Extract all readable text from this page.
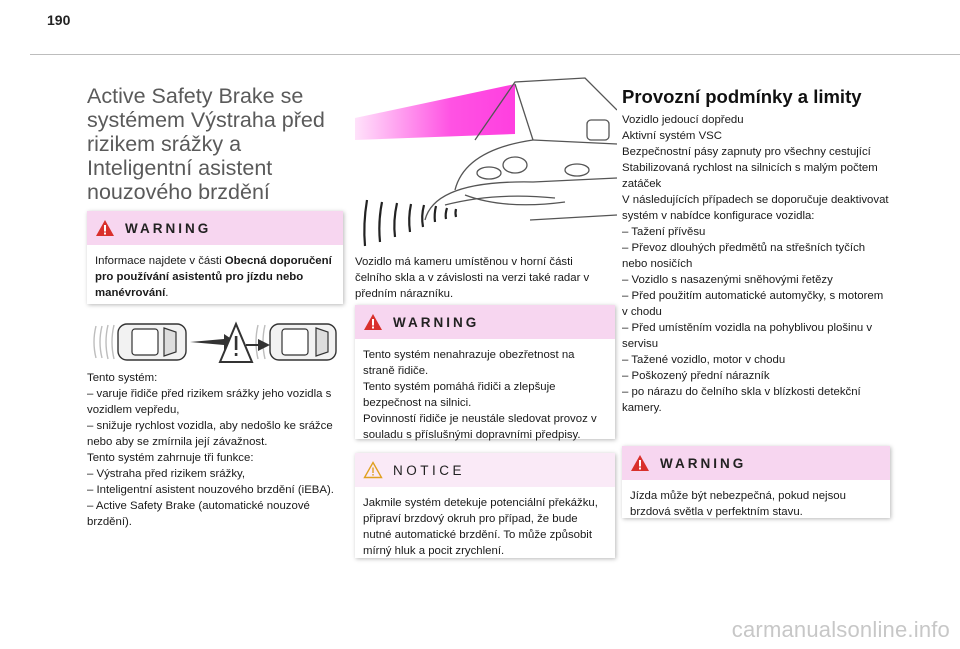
190
Active Safety Brake se systémem Výstraha před rizikem srážky a Inteligentní asistent nouzového brzdění
WARNING

Informace najdete v části Obecná doporučení pro používání asistentů pro jízdu nebo manévrování.

Tento systém:

– varuje řidiče před rizikem srážky jeho vozidla s vozidlem vepředu,

– snižuje rychlost vozidla, aby nedošlo ke srážce nebo aby se zmírnila její závažnost.

Tento systém zahrnuje tři funkce:

– Výstraha před rizikem srážky,

– Inteligentní asistent nouzového brzdění (iEBA).

– Active Safety Brake (automatické nouzové brzdění).

Vozidlo má kameru umístěnou v horní části čelního skla a v závislosti na verzi také radar v předním nárazníku.
WARNING

Tento systém nenahrazuje obezřetnost na straně řidiče.

Tento systém pomáhá řidiči a zlepšuje bezpečnost na silnici.

Povinností řidiče je neustále sledovat provoz v souladu s příslušnými dopravními předpisy.

NOTICE
Jakmile systém detekuje potenciální překážku, připraví brzdový okruh pro případ, že bude nutné automatické brzdění. To může způsobit mírný hluk a pocit zrychlení.
Provozní podmínky a limity

Vozidlo jedoucí dopředu

Aktivní systém VSC

Bezpečnostní pásy zapnuty pro všechny cestující

Stabilizovaná rychlost na silnicích s malým počtem zatáček

V následujících případech se doporučuje deaktivovat systém v nabídce konfigurace vozidla:

– Tažení přívěsu

– Převoz dlouhých předmětů na střešních tyčích nebo nosičích

– Vozidlo s nasazenými sněhovými řetězy

– Před použitím automatické automyčky, s motorem v chodu

– Před umístěním vozidla na pohyblivou plošinu v servisu

– Tažené vozidlo, motor v chodu

– Poškozený přední nárazník

– po nárazu do čelního skla v blízkosti detekční kamery.

WARNING
Jízda může být nebezpečná, pokud nejsou brzdová světla v perfektním stavu.
carmanualsonline.info
